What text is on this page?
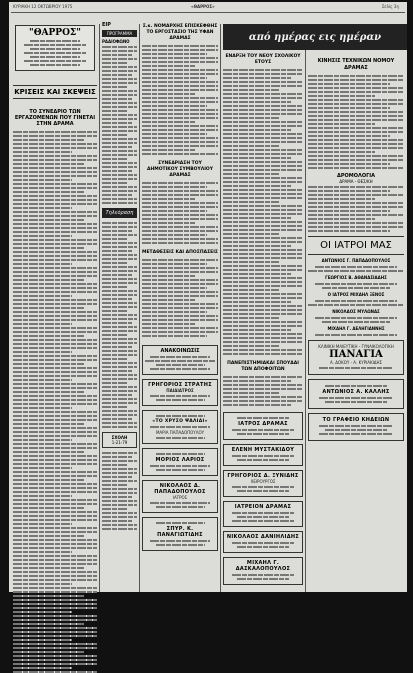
ΚΥΡΙΑΚΗ 12 ΟΚΤΩΒΡΙΟΥ 1975	«ΘΑΡΡΟΣ»	Σελίς 3η
"ΘΑΡΡΟΣ"
ΚΡΙΣΕΙΣ ΚΑΙ ΣΚΕΨΕΙΣ
ΤΟ ΣΥΝΕΔΡΙΟ ΤΩΝ ΕΡΓΑΖΟΜΕΝΩΝ ΠΟΥ ΓΙΝΕΤΑΙ ΣΤΗΝ ΔΡΑΜΑ
ΕΙΡ
ΠΡΟΓΡΑΜΜΑ
ΡΑΔΙΟΦΩΝΟ
Τηλεόραση
ΣΧΟΛΗ
1-21-79
Σ.κ. ΝΟΜΑΡΧΗΣ ΕΠΙΣΚΕΦΘΗΣ ΤΟ ΕΡΓΟΣΤΑΣΙΟ ΤΗΣ ΥΦΑΝ ΔΡΑΜΑΣ
ΣΥΝΕΔΡΙΑΣΗ ΤΟΥ ΔΗΜΟΤΙΚΟΥ ΣΥΜΒΟΥΛΙΟΥ ΔΡΑΜΑΣ
ΜΕΤΑΘΕΣΕΙΣ ΚΑΙ ΑΠΟΣΠΑΣΕΙΣ
ΑΝΑΚΟΙΝΩΣΙΣ
ΓΡΗΓΟΡΙΟΣ ΣΤΡΑΤΗΣ
ΠΑΙΔΙΑΤΡΟΣ
«ΤΟ ΧΡΥΣΟ ΨΑΛΙΔΙ»
ΜΑΡΙΑ ΠΑΠΑΔΟΠΟΥΛΟΥ
ΜΟΡΙΟΣ ΛΑΡΙΟΣ
ΝΙΚΟΛΑΟΣ Δ. ΠΑΠΑΔΟΠΟΥΛΟΣ
ΙΑΤΡΟΣ
ΣΠΥΡ. Κ. ΠΑΝΑΓΙΩΤΙΔΗΣ
από ημέρας εις ημέραν
ΕΝΑΡΞΗ ΤΟΥ ΝΕΟΥ ΣΧΟΛΙΚΟΥ ΕΤΟΥΣ
ΠΑΝΕΠΙΣΤΗΜΙΑΚΑΙ ΣΠΟΥΔΑΙ ΤΩΝ ΑΠΟΦΟΙΤΩΝ
ΙΑΤΡΟΣ ΔΡΑΜΑΣ
ΕΛΕΝΗ ΜΥΣΤΑΚΙΔΟΥ
ΓΡΗΓΟΡΙΟΣ Δ. ΞΥΝΙΔΗΣ
ΧΕΙΡΟΥΡΓΟΣ
ΙΑΤΡΕΙΟΝ ΔΡΑΜΑΣ
ΝΙΚΟΛΑΟΣ ΔΑΝΙΗΛΙΔΗΣ
ΜΙΧΑΗΛ Γ. ΔΑΣΚΑΛΟΠΟΥΛΟΣ
ΚΙΝΗΣΙΣ ΤΕΧΝΙΚΩΝ ΝΟΜΟΥ ΔΡΑΜΑΣ
ΔΡΟΜΟΛΟΓΙΑ
ΔΡΑΜΑ - ΘΕΣ/ΚΗ
ΟΙ ΙΑΤΡΟΙ ΜΑΣ
ΑΝΤΩΝΙΟΣ Γ. ΠΑΠΑΔΟΠΟΥΛΟΣ
ΓΕΩΡΓΙΟΣ Β. ΑΘΑΝΑΣΙΑΔΗΣ
Ο ΙΑΤΡΟΣ ΜΙΧΑΗΛ ΞΕΝΟΣ
ΝΙΚΟΛΑΟΣ ΜΥΛΩΝΑΣ
ΜΙΧΑΗΛ Γ. ΔΕΛΗΓΙΑΝΝΗΣ
ΚΛΙΝΙΚΗ ΜΑΙΕΥΤΙΚΗ - ΓΥΝΑΙΚΟΛΟΓΙΚΗ
ΠΑΝΑΓΙΑ
Α. ΔΟΚΟΥ - Α. ΚΥΡΙΑΚΙΔΗΣ
ΑΝΤΩΝΙΟΣ Α. ΚΑΛΛΗΣ
ΤΟ ΓΡΑΦΕΙΟ ΚΗΔΕΙΩΝ
